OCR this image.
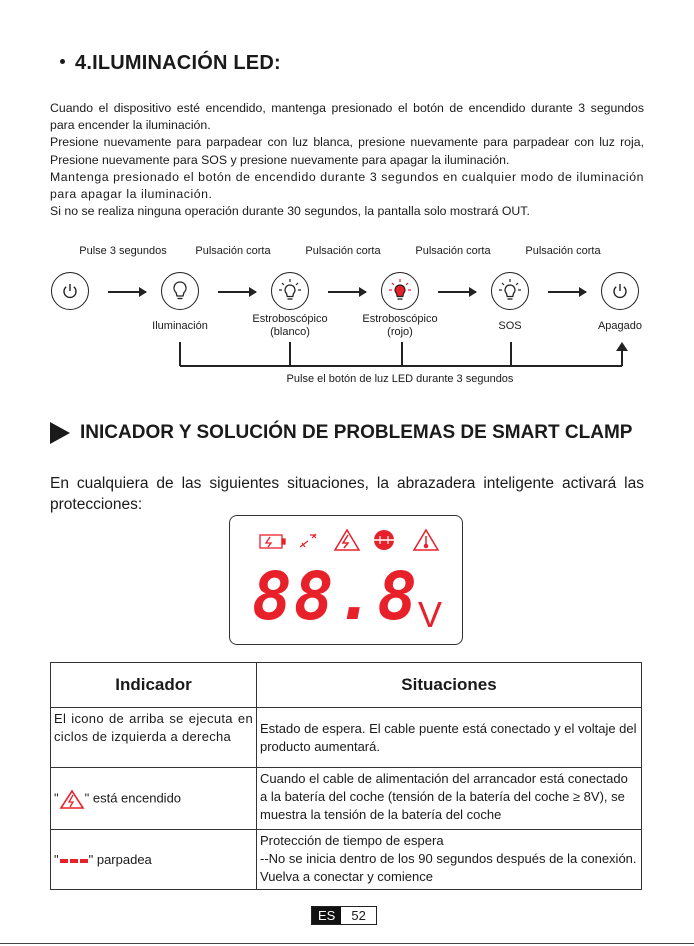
4.ILUMINACIÓN LED:

Cuando el dispositivo esté encendido, mantenga presionado el botón de encendido durante 3 segundos para encender la iluminación.

Presione nuevamente para parpadear con luz blanca, presione nuevamente para parpadear con luz roja, Presione nuevamente para SOS y presione nuevamente para apagar la iluminación.

Mantenga presionado el botón de encendido durante 3 segundos en cualquier modo de iluminación para apagar la iluminación.

Si no se realiza ninguna operación durante 30 segundos, la pantalla solo mostrará OUT.

Pulse 3 segundos	Pulsación corta	Pulsación corta	Pulsación corta	Pulsación corta
Iluminación
Estroboscópico
(blanco)
Estroboscópico
(rojo)	SOS	Apagado
Pulse el botón de luz LED durante 3 segundos
INICADOR Y SOLUCIÓN DE PROBLEMAS DE SMART CLAMP
En cualquiera de las siguientes situaciones, la abrazadera inteligente activará las protecciones:
88.8 V
Indicador	Situaciones
El icono de arriba se ejecuta en ciclos de izquierda a derecha	Estado de espera. El cable puente está conectado y el voltaje del producto aumentará.
" " está encendido	Cuando el cable de alimentación del arrancador está conectado a la batería del coche (tensión de la batería del coche ≥ 8V), se muestra la tensión de la batería del coche
" " parpadea	Protección de tiempo de espera
--No se inicia dentro de los 90 segundos después de la conexión. Vuelva a conectar y comience
ES	52
